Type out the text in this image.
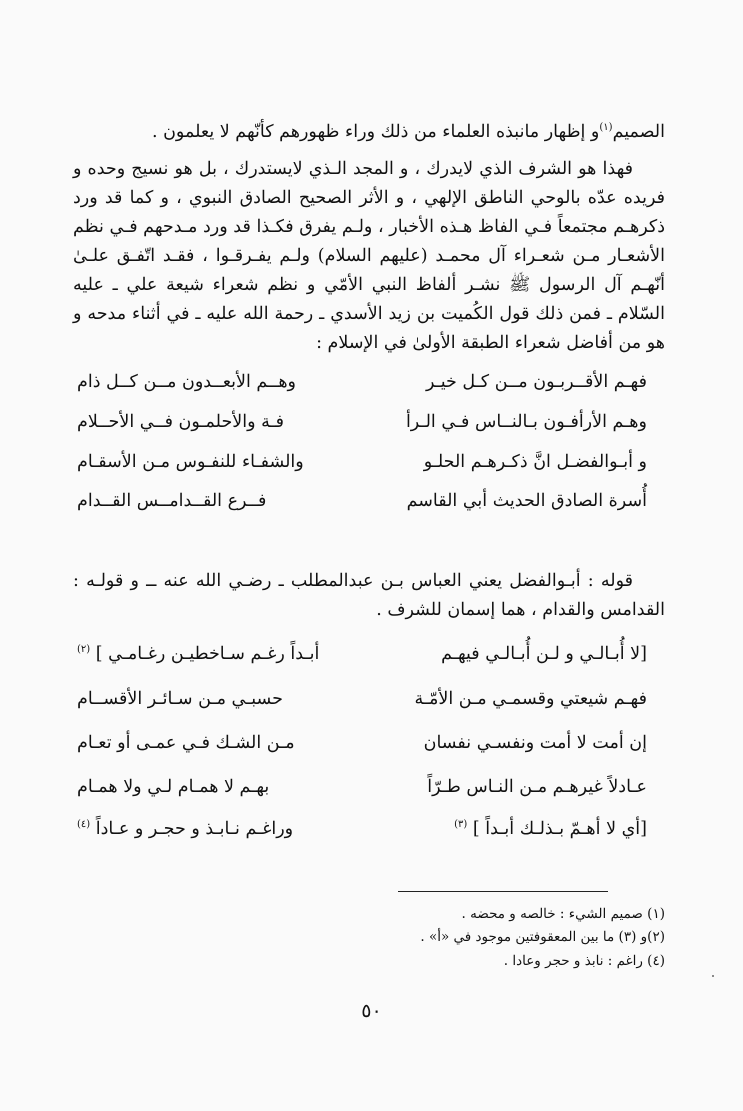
الصميم$^{(١)}$و إظهار مانبذه العلماء من ذلك وراء ظهورهم كأنّهم لا يعلمون .

فهذا هو الشرف الذي لايدرك ، و المجد الـذي لايستدرك ، بل هو نسيج وحده و فريده عدّه بالوحي الناطق الإلهي ، و الأثر الصحيح الصادق النبوي ، و كما قد ورد ذكرهـم مجتمعاً فـي الفاظ هـذه الأخبار ، ولـم يفرق فكـذا قد ورد مـدحهم فـي نظم الأشعـار مـن شعـراء آل محمـد (عليهم السلام) ولـم يفـرقـوا ، فقـد اتّفـق علـىٰ أنّهـم آل الرسول ﷺ نشـر ألفاظ النبي الأمّي و نظم شعراء شيعة علي ـ عليه السّلام ـ فمن ذلك قول الكُميت بن زيد الأسدي ـ رحمة الله عليه ـ في أثناء مدحه و هو من أفاضل شعراء الطبقة الأولىٰ في الإسلام :

فهـم الأقــربـون مــن كـل خيـر
وهــم الأبعــدون مــن كــل ذام
وهـم الأرأفـون بـالنــاس فـي الـرأ
فـة والأحلمـون فــي الأحــلام
و أبـوالفضـل انَّ ذكـرهـم الحلـو
والشفـاء للنفـوس مـن الأسقـام
أُسرة الصادق الحديث أبي القاسم
فــرع القــدامــس القــدام

قوله : أبـوالفضل يعني العباس بـن عبدالمطلب ـ رضـي الله عنه ــ و قولـه : القدامس والقدام ، هما إسمان للشرف .

[لا أُبـالـي و لـن أُبـالـي فيهـم
أبـداً رغـم سـاخطيـن رغـامـي ] $^{(٢)}$
فهـم شيعتي وقسمـي مـن الأمّـة
حسبـي مـن سـائـر الأقســام
إن أمت لا أمت ونفسـي نفسان
مـن الشـك فـي عمـى أو تعـام
عـادلاً غيرهـم مـن النـاس طـرّاً
بهـم لا همـام لـي ولا همـام
[أي لا أهـمّ بـذلـك أبـداً ] $^{(٣)}$
وراغـم نـابـذ و حجـر و عـاداً $^{(٤)}$
(١) صميم الشيء : خالصه و محضه .
(٢)و (٣) ما بين المعقوفتين موجود في «أ» .
(٤) راغم : نابذ و حجر وعادا .
٥٠
